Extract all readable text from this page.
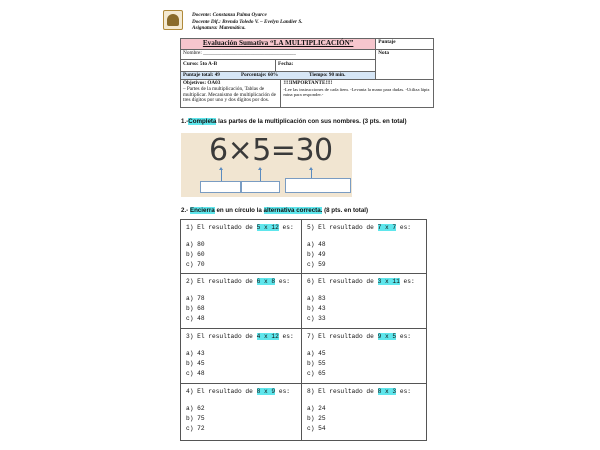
Docente: Constanza Palma Oyarce
Docente Dif.: Brenda Toledo V. – Evelyn Landier S.
Asignatura: Matemática.
Evaluación Sumativa “LA MULTIPLICACIÓN”	Puntaje
Nombre: ___________________________________	Nota

Curso: 5to A-B Fecha:	

Puntaje total: 49 Porcentaje: 60% Tiempo: 90 min.	

Objetivos: OA03
– Partes de la multiplicación, Tablas de multiplicar. Mecanismo de multiplicación de tres dígitos por uno y dos dígitos por dos.
!!!!IMPORTANTE!!!!
-Lee las instrucciones de cada ítem. -Levanta la mano para dudas. -Utiliza lápiz mina para responder.-	
1.-Completa las partes de la multiplicación con sus nombres. (3 pts. en total)
6×5=30
2.- Encierra en un círculo la alternativa correcta. (8 pts. en total)
1) El resultado de 5 x 12 es:
a) 80
b) 60
c) 70
5) El resultado de 7 x 7 es:
a) 48
b) 49
c) 59
2) El resultado de 6 x 8 es:
a) 78
b) 68
c) 48
6) El resultado de 3 x 11 es:
a) 83
b) 43
c) 33
3) El resultado de 4 x 12 es:
a) 43
b) 45
c) 48
7) El resultado de 9 x 5 es:
a) 45
b) 55
c) 65
4) El resultado de 8 x 9 es:
a) 62
b) 75
c) 72
8) El resultado de 8 x 3 es:
a) 24
b) 25
c) 54
